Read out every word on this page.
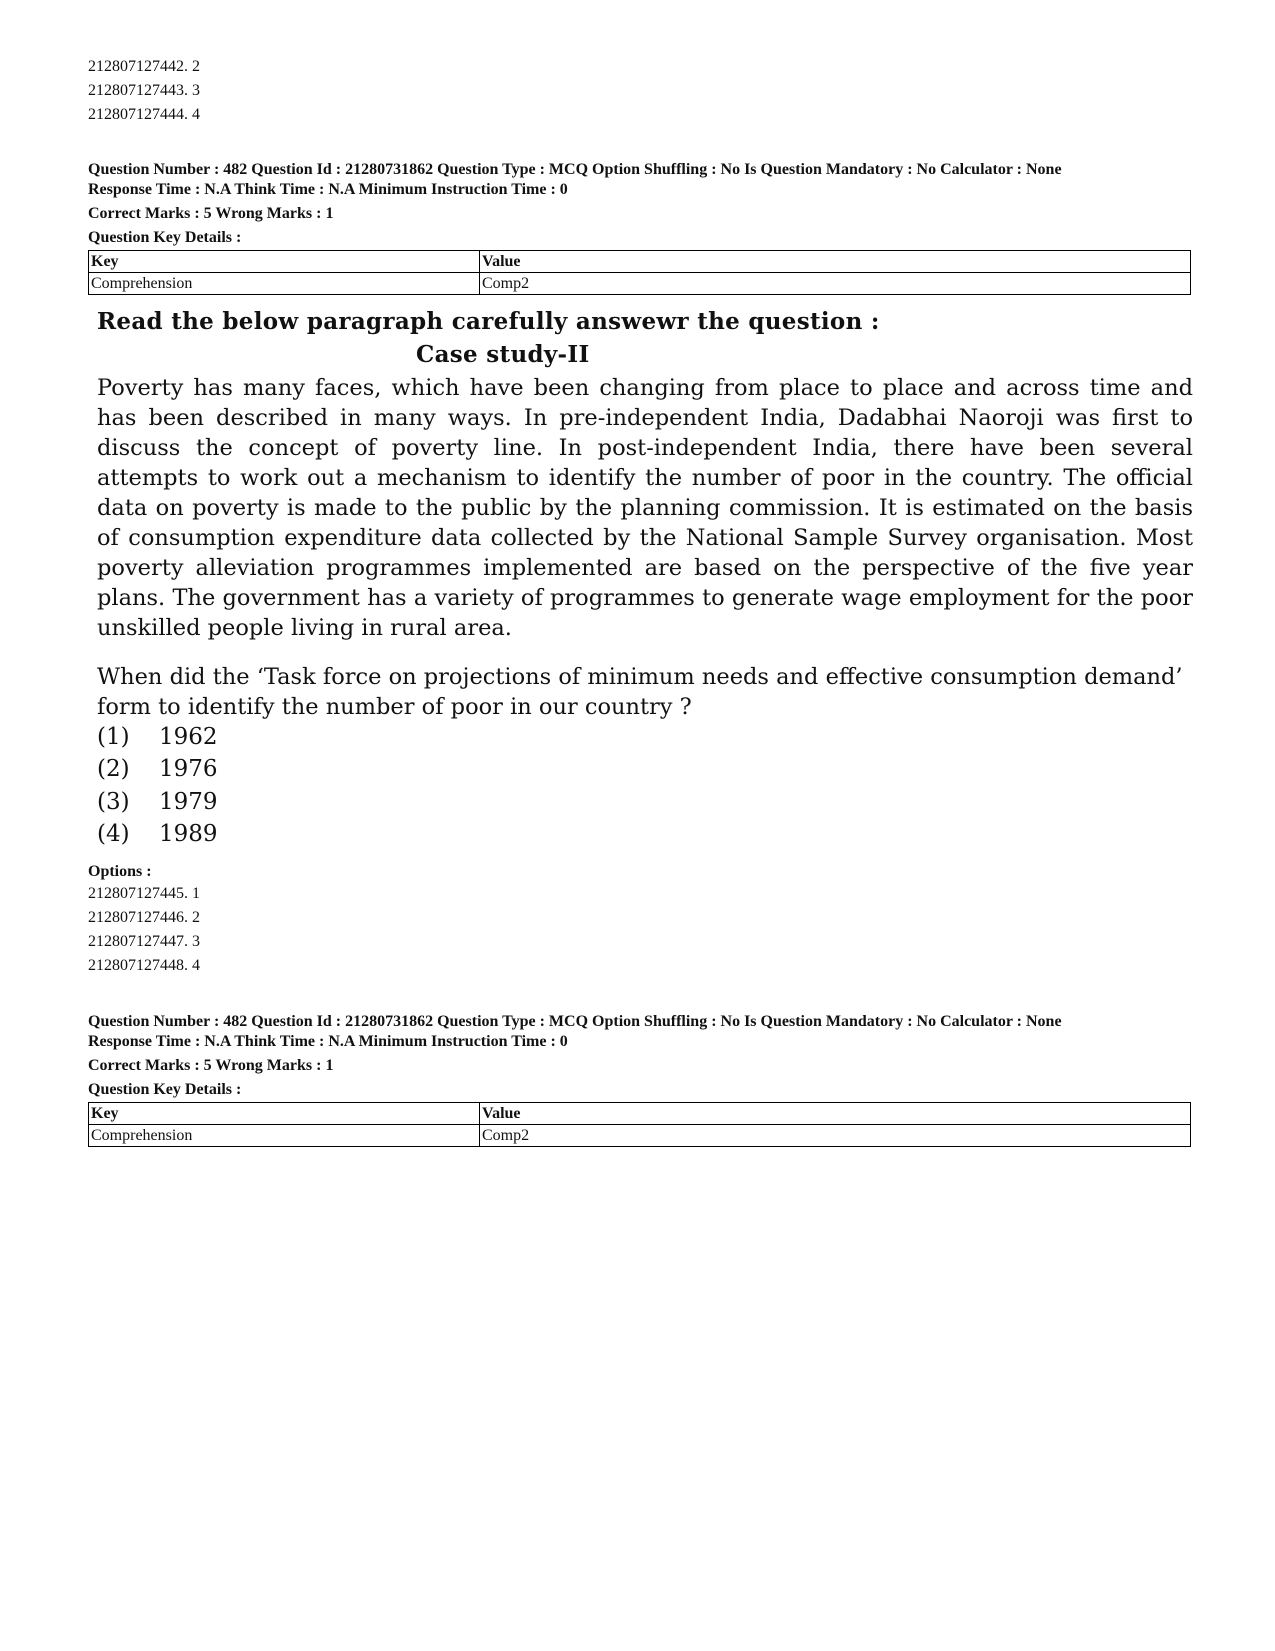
212807127442. 2
212807127443. 3
212807127444. 4
Question Number : 482 Question Id : 21280731862 Question Type : MCQ Option Shuffling : No Is Question Mandatory : No Calculator : None
Response Time : N.A Think Time : N.A Minimum Instruction Time : 0
Correct Marks : 5 Wrong Marks : 1
Question Key Details :
Key	Value
Comprehension	Comp2
Read the below paragraph carefully answewr the question :
Case study-II
Poverty has many faces, which have been changing from place to place and across time and has been described in many ways. In pre-independent India, Dadabhai Naoroji was first to discuss the concept of poverty line. In post-independent India, there have been several attempts to work out a mechanism to identify the number of poor in the country. The official data on poverty is made to the public by the planning commission. It is estimated on the basis of consumption expenditure data collected by the National Sample Survey organisation. Most poverty alleviation programmes implemented are based on the perspective of the five year plans. The government has a variety of programmes to generate wage employment for the poor unskilled people living in rural area.
When did the ‘Task force on projections of minimum needs and effective consumption demand’ form to identify the number of poor in our country ?
(1) 1962
(2) 1976
(3) 1979
(4) 1989
Options :
212807127445. 1
212807127446. 2
212807127447. 3
212807127448. 4
Question Number : 482 Question Id : 21280731862 Question Type : MCQ Option Shuffling : No Is Question Mandatory : No Calculator : None
Response Time : N.A Think Time : N.A Minimum Instruction Time : 0
Correct Marks : 5 Wrong Marks : 1
Question Key Details :
Key	Value
Comprehension	Comp2
